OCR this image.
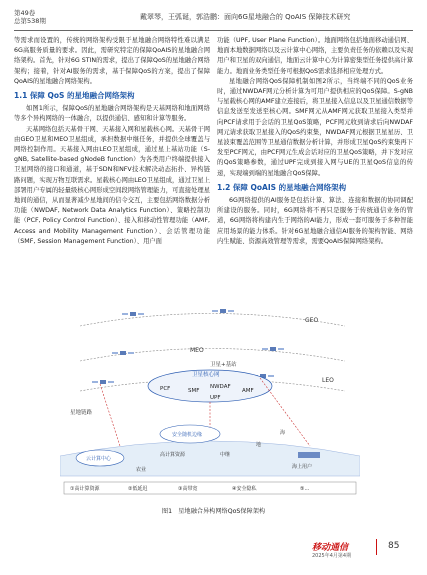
第49卷
总第538期	戴翠琴，王弧诞，郭浩鹏：面向6G星地融合的 QoAIS 保障技术研究

等需求而设置的，传统的网络架构受限于星地融合网络特性难以满足6G高服务质量的要求。因此，需研究特定的保障QoAIS的星地融合网络架构。首先，针对6G STIN的需求，提出了保障QoS的星地融合网络架构；接着，针对AI服务的需求，基于保障QoS的方案，提出了保障QoAIS的星地融合网络架构。

1.1 保障 QoS 的星地融合网络架构

如图1所示，保障QoS的星地融合网络架构是天基网络和地面网络等多个异构网络的一体融合，以提供通信、感知和计算等服务。

天基网络包括天基骨干网、天基接入网和星载核心网。天基骨干网由GEO卫星和MEO卫星组成，承担数据中继任务，并提供全球覆盖与网络控制作用。天基接入网由LEO卫星组成，通过星上基站功能（S-gNB, Satellite-based gNodeB function）为各类用户终端提供接入卫星网络的接口和通道，基于SDN和NFV技术解决动态拓扑、异构链路问题，实现万物互联需求。星载核心网由LEO卫星组成，通过卫星上部署用户专属的轻量级核心网形成空间段网络管理能力，可直接处理星地间的通信，从而显著减少星地间的信令交互，主要包括网络数据分析功能（NWDAF, Network Data Analytics Function）、策略控制功能（PCF, Policy Control Function）、接入和移动性管理功能（AMF, Access and Mobility Management Function）、会话管理功能（SMF, Session Management Function）、用户面

功能（UPF, User Plane Function）。地面网络包括地面移动通信网、地面本地数据网络以及云计算中心网络，主要负责任务的依赖以及实现用户和卫星的双向通信，地面云计算中心为计算密集型任务提供高计算能力。地面业务类型任务可根据QoS需求选择相应处理方式。

星地融合网络QoS保障机制如图2所示，当终端不同的QoS业务时，通过NWDAF网元分析计算为可用户提供相应的QoS保障。S-gNB与星载核心网的AMF建立连接后，将卫星接入信息以及卫星通信数据等信息发送至发送至核心网。SMF网元从AMF网元获取卫星接入类型并向PCF请求用于会话的卫星QoS策略，PCF网元收到请求后向NWDAF网元请求获取卫星接入的QoS约束集，NWDAF网元根据卫星星历、卫星波束覆盖范围等卫星通信数据分析计算，并形成卫星QoS约束集再下发至PCF网元，由PCF网元生成会话对应的卫星QoS策略，并下发对应的QoS策略参数，通过UPF完成到接入网与UE的卫星QoS信息的传递，实现端到端的星地融合QoS保障。

1.2 保障 QoAIS 的星地融合网络架构

6G网络提供的AI服务是包括计算、算法、连接和数据的协同调配所建设的服务。同时，6G网络将不再只是服务于传统通信业务的管道，6G网络将构建内生于网络的AI能力，形成一套可服务于多种智能应用场景的能力体系。针对6G星地融合通信AI服务的架构智能、网络内生赋能、资源高效管理等需求，需要QoAIS保障网络架构。

GEO
MEO
LEO
卫星核心网
PCF	SMF
NWDAF
AMF
UPF
卫星+基站
星地链路
安全随机边缘
云计算中心
高计算资源	中继
海
地
海上用户
农业
①高计算资源	②低延迟	③高带宽	④安全隐私	⑤...
图1　星地融合异构网络QoS保障架构
移动通信
2025年4月第4期
85
